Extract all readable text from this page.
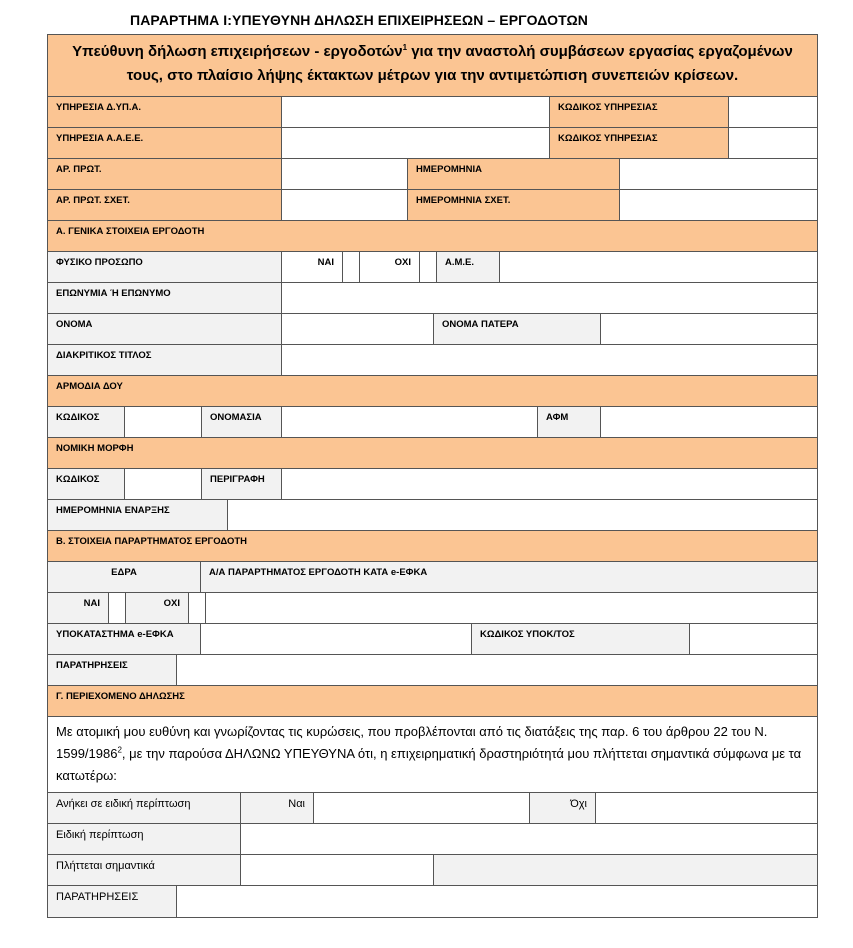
ΠΑΡΑΡΤΗΜΑ Ι:ΥΠΕΥΘΥΝΗ ΔΗΛΩΣΗ ΕΠΙΧΕΙΡΗΣΕΩΝ – ΕΡΓΟΔΟΤΩΝ
Υπεύθυνη δήλωση επιχειρήσεων - εργοδοτών$^1$ για την αναστολή συμβάσεων εργασίας εργαζομένων
τους, στο πλαίσιο λήψης έκτακτων μέτρων για την αντιμετώπιση συνεπειών κρίσεων.
ΥΠΗΡΕΣΙΑ Δ.ΥΠ.Α.	ΚΩΔΙΚΟΣ ΥΠΗΡΕΣΙΑΣ
ΥΠΗΡΕΣΙΑ Α.Α.Ε.Ε.	ΚΩΔΙΚΟΣ ΥΠΗΡΕΣΙΑΣ
ΑΡ. ΠΡΩΤ.	ΗΜΕΡΟΜΗΝΙΑ
ΑΡ. ΠΡΩΤ. ΣΧΕΤ.	ΗΜΕΡΟΜΗΝΙΑ ΣΧΕΤ.
Α. ΓΕΝΙΚΑ ΣΤΟΙΧΕΙΑ ΕΡΓΟΔΟΤΗ
ΦΥΣΙΚΟ ΠΡΟΣΩΠΟ	ΝΑΙ	ΟΧΙ	Α.Μ.Ε.
ΕΠΩΝΥΜΙΑ Ή ΕΠΩΝΥΜΟ
ΟΝΟΜΑ	ΟΝΟΜΑ ΠΑΤΕΡΑ
ΔΙΑΚΡΙΤΙΚΟΣ ΤΙΤΛΟΣ
ΑΡΜΟΔΙΑ ΔΟΥ
ΚΩΔΙΚΟΣ	ΟΝΟΜΑΣΙΑ	ΑΦΜ
ΝΟΜΙΚΗ ΜΟΡΦΗ
ΚΩΔΙΚΟΣ	ΠΕΡΙΓΡΑΦΗ
ΗΜΕΡΟΜΗΝΙΑ ΕΝΑΡΞΗΣ
Β. ΣΤΟΙΧΕΙΑ ΠΑΡΑΡΤΗΜΑΤΟΣ ΕΡΓΟΔΟΤΗ
ΕΔΡΑ	Α/Α ΠΑΡΑΡΤΗΜΑΤΟΣ ΕΡΓΟΔΟΤΗ ΚΑΤΑ e-ΕΦΚΑ
ΝΑΙ	ΟΧΙ
ΥΠΟΚΑΤΑΣΤΗΜΑ e-ΕΦΚΑ	ΚΩΔΙΚΟΣ ΥΠΟΚ/ΤΟΣ
ΠΑΡΑΤΗΡΗΣΕΙΣ
Γ. ΠΕΡΙΕΧΟΜΕΝΟ ΔΗΛΩΣΗΣ
Με ατομική μου ευθύνη και γνωρίζοντας τις κυρώσεις, που προβλέπονται από τις διατάξεις της παρ. 6 του άρθρου 22 του Ν. 1599/1986$^2$, με την παρούσα ΔΗΛΩΝΩ ΥΠΕΥΘΥΝΑ ότι, η επιχειρηματική δραστηριότητά μου πλήττεται σημαντικά σύμφωνα με τα κατωτέρω:
Ανήκει σε ειδική περίπτωση	Ναι	Όχι
Ειδική περίπτωση
Πλήττεται σημαντικά
ΠΑΡΑΤΗΡΗΣΕΙΣ
